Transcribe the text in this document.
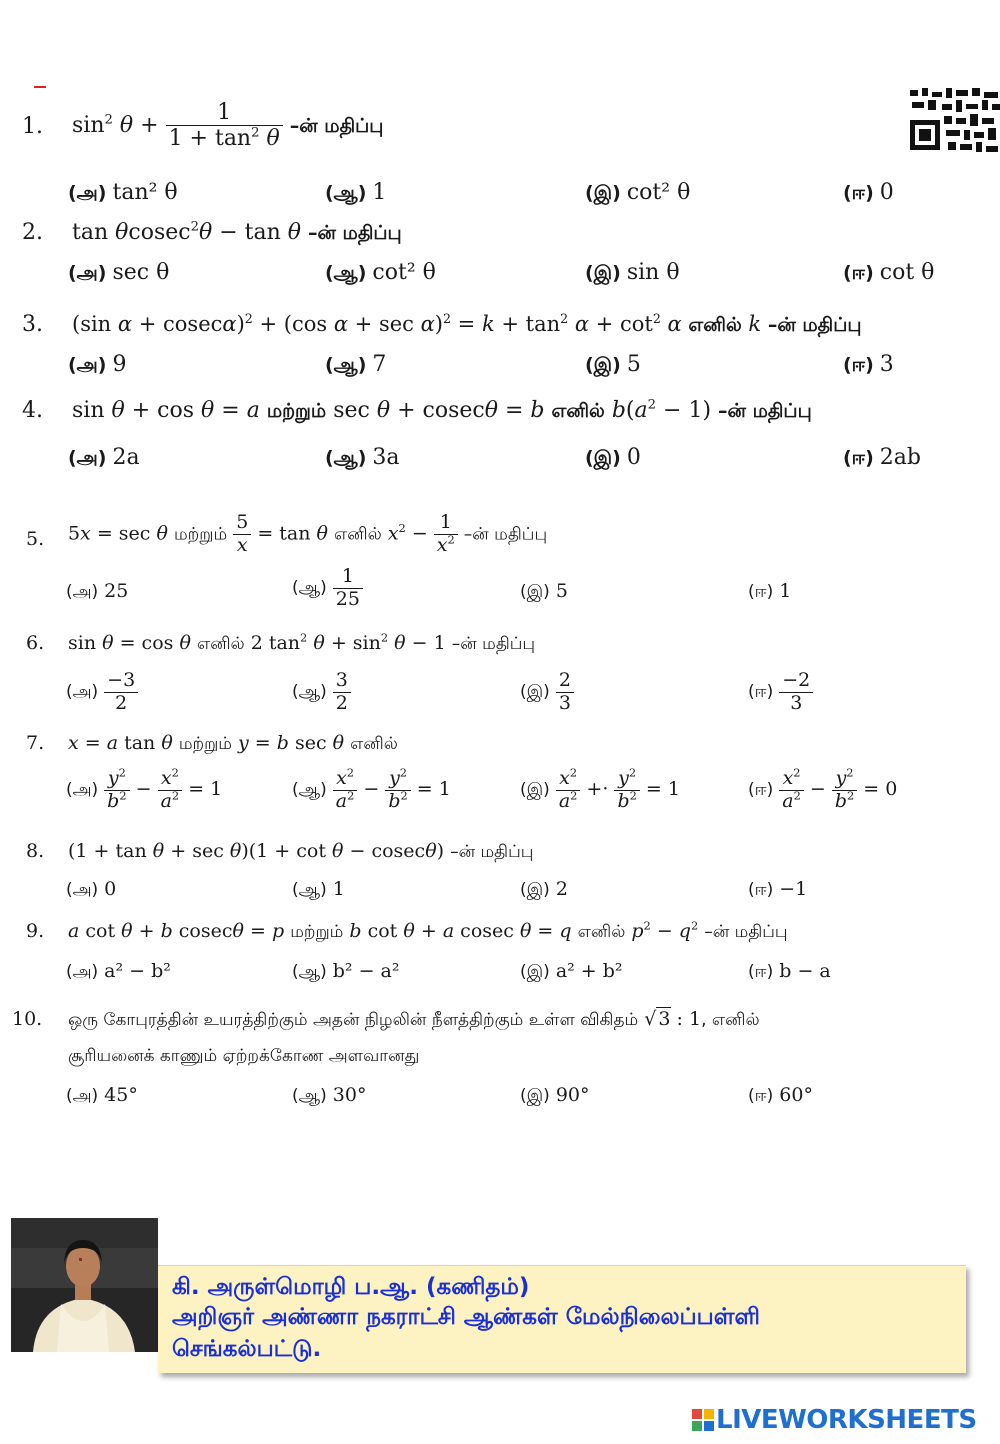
1. $\sin^2 \theta + \frac{1}{1 + \tan^2 \theta}$ –ன் மதிப்பு
(அ) tan² θ	(ஆ) 1	(இ) cot² θ	(ஈ) 0
2. tan θcosec$^2$θ − tan θ –ன் மதிப்பு
(அ) sec θ	(ஆ) cot² θ	(இ) sin θ	(ஈ) cot θ
3. (sin α + cosecα)$^2$ + (cos $\alpha + \sec \alpha)^2 = k + \tan^2 \alpha + \cot^2 \alpha$ எனில் k –ன் மதிப்பு
(அ) 9	(ஆ) 7	(இ) 5	(ஈ) 3
4. sin θ + cos θ = a மற்றும் sec θ + cosecθ = b எனில் $b(a^2 - 1)$ –ன் மதிப்பு
(அ) 2a	(ஆ) 3a	(இ) 0	(ஈ) 2ab
5. 5x = sec θ மற்றும் $\frac{5}{x} = \tan \theta$ எனில் $x^2 - \frac{1}{x^2}$ –ன் மதிப்பு
(அ) 25	(ஆ) $\frac{1}{25}$	(இ) 5	(ஈ) 1
6. sin θ = cos θ எனில் 2 $\tan^2 \theta + \sin^2 \theta - 1$ –ன் மதிப்பு
(அ) $\frac{-3}{2}$	(ஆ) $\frac{3}{2}$	(இ) $\frac{2}{3}$	(ஈ) $\frac{-2}{3}$
7. x = a tan θ மற்றும் y = b sec θ எனில்
(அ) $\frac{y^2}{b^2} - \frac{x^2}{a^2} = 1$	(ஆ) $\frac{x^2}{a^2} - \frac{y^2}{b^2} = 1$	(இ) $\frac{x^2}{a^2} +\cdot \frac{y^2}{b^2} = 1$	(ஈ) $\frac{x^2}{a^2} - \frac{y^2}{b^2} = 0$
8. (1 + tan θ + sec θ)(1 + cot θ − cosecθ) –ன் மதிப்பு
(அ) 0	(ஆ) 1	(இ) 2	(ஈ) −1
9. a cot θ + b cosecθ = p மற்றும் b cot θ + a cosec θ = q எனில் $p^2 - q^2$ –ன் மதிப்பு
(அ) a² − b²	(ஆ) b² − a²	(இ) a² + b²	(ஈ) b − a
10. ஒரு கோபுரத்தின் உயரத்திற்கும் அதன் நிழலின் நீளத்திற்கும் உள்ள விகிதம் √ 3 : 1, எனில்
சூரியனைக் காணும் ஏற்றக்கோண அளவானது
(அ) 45°	(ஆ) 30°	(இ) 90°	(ஈ) 60°
கி. அருள்மொழி ப.ஆ. (கணிதம்)
அறிஞர் அண்ணா நகராட்சி ஆண்கள் மேல்நிலைப்பள்ளி
செங்கல்பட்டு.
LIVEWORKSHEETS
